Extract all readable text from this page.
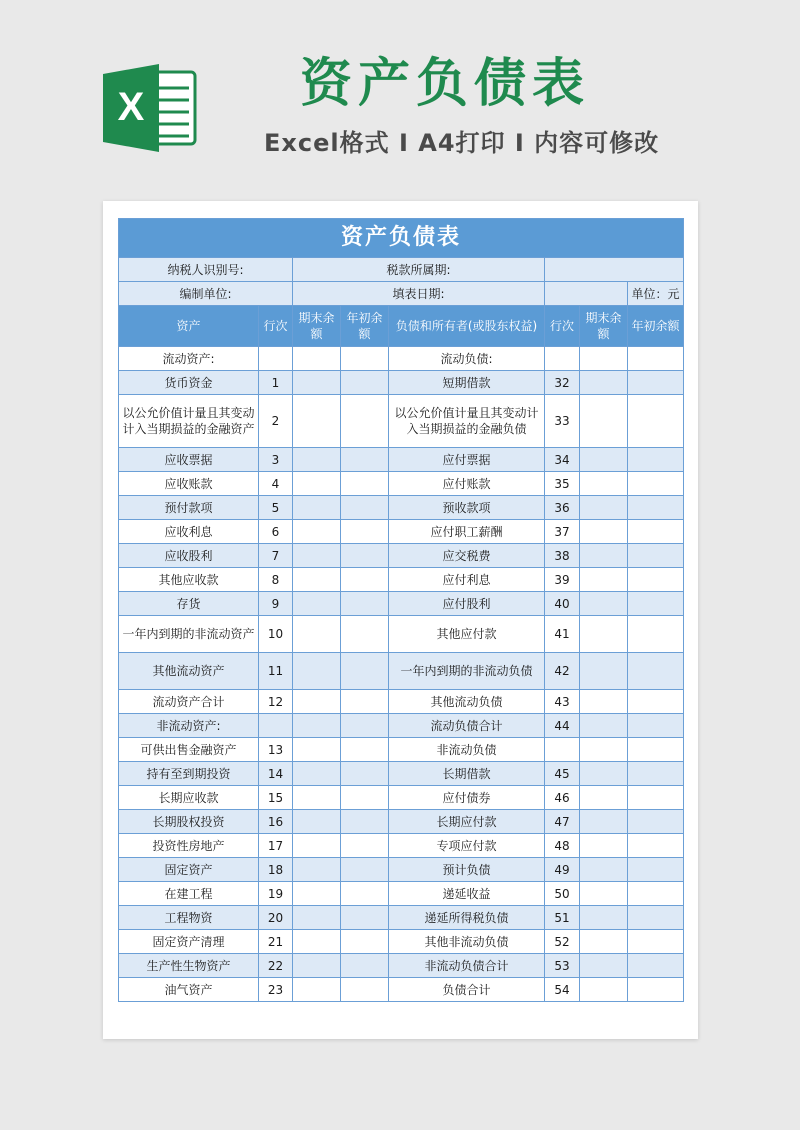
X	资产负债表
Excel格式 I A4打印 I 内容可修改
资产负债表							
纳税人识别号:		税款所属期:					
编制单位:		填表日期:					单位：元
资产	行次	期末余额	年初余额	负债和所有者(或股东权益)	行次	期末余额	年初余额
流动资产:				流动负债:			
货币资金	1			短期借款	32		
以公允价值计量且其变动计入当期损益的金融资产	2			以公允价值计量且其变动计入当期损益的金融负债	33		
应收票据	3			应付票据	34		
应收账款	4			应付账款	35		
预付款项	5			预收款项	36		
应收利息	6			应付职工薪酬	37		
应收股利	7			应交税费	38		
其他应收款	8			应付利息	39		
存货	9			应付股利	40		
一年内到期的非流动资产	10			其他应付款	41		
其他流动资产	11			一年内到期的非流动负债	42		
流动资产合计	12			其他流动负债	43		
非流动资产:				流动负债合计	44		
可供出售金融资产	13			非流动负债			
持有至到期投资	14			长期借款	45		
长期应收款	15			应付债券	46		
长期股权投资	16			长期应付款	47		
投资性房地产	17			专项应付款	48		
固定资产	18			预计负债	49		
在建工程	19			递延收益	50		
工程物资	20			递延所得税负债	51		
固定资产清理	21			其他非流动负债	52		
生产性生物资产	22			非流动负债合计	53		
油气资产	23			负债合计	54		
